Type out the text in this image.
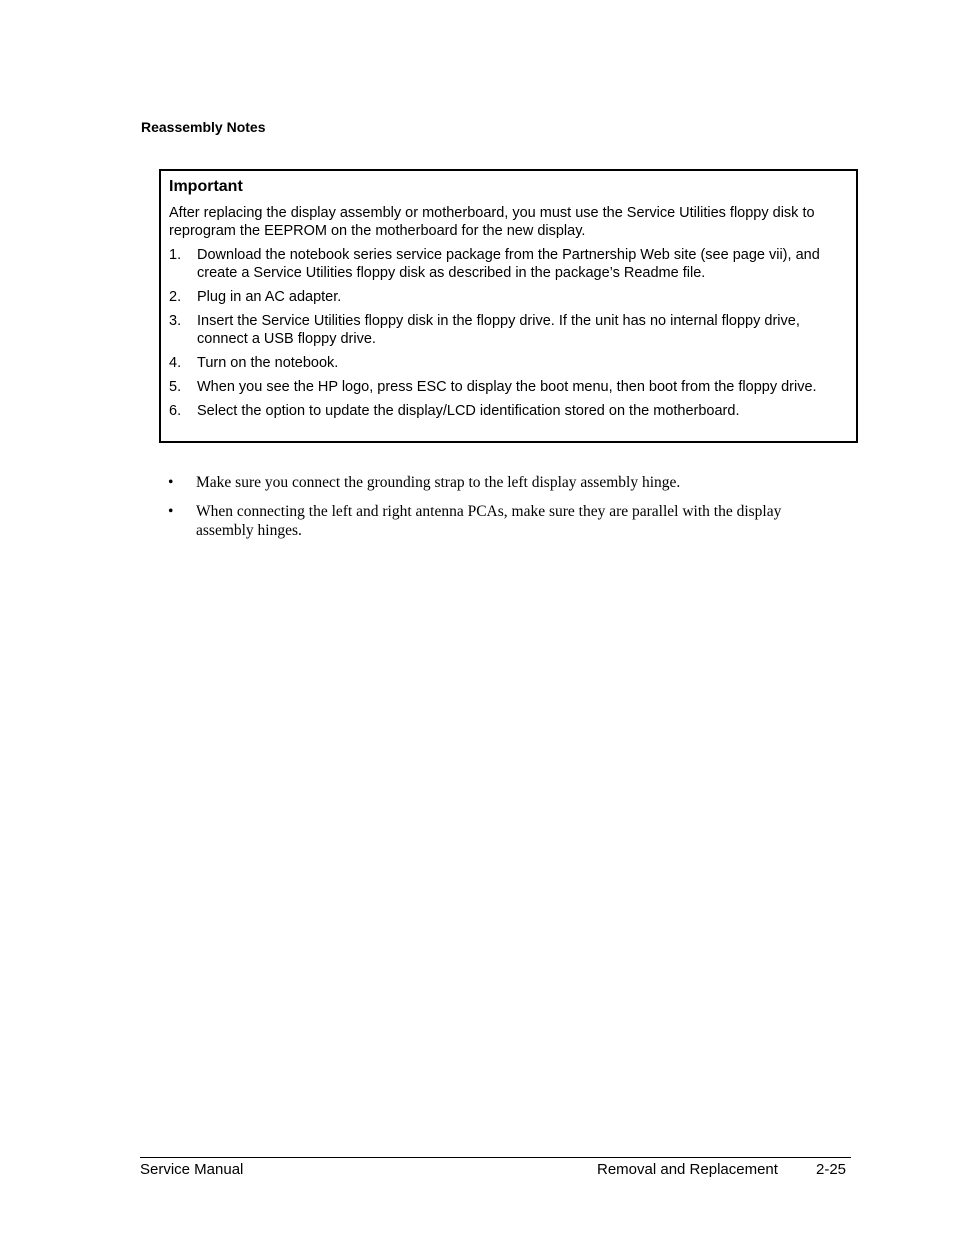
Reassembly Notes
Important
After replacing the display assembly or motherboard, you must use the Service Utilities floppy disk to reprogram the EEPROM on the motherboard for the new display.
1. Download the notebook series service package from the Partnership Web site (see page vii), and create a Service Utilities floppy disk as described in the package’s Readme file.
2. Plug in an AC adapter.
3. Insert the Service Utilities floppy disk in the floppy drive. If the unit has no internal floppy drive, connect a USB floppy drive.
4. Turn on the notebook.
5. When you see the HP logo, press ESC to display the boot menu, then boot from the floppy drive.
6. Select the option to update the display/LCD identification stored on the motherboard.
• Make sure you connect the grounding strap to the left display assembly hinge.
• When connecting the left and right antenna PCAs, make sure they are parallel with the display assembly hinges.
Service Manual	Removal and Replacement	2-25
